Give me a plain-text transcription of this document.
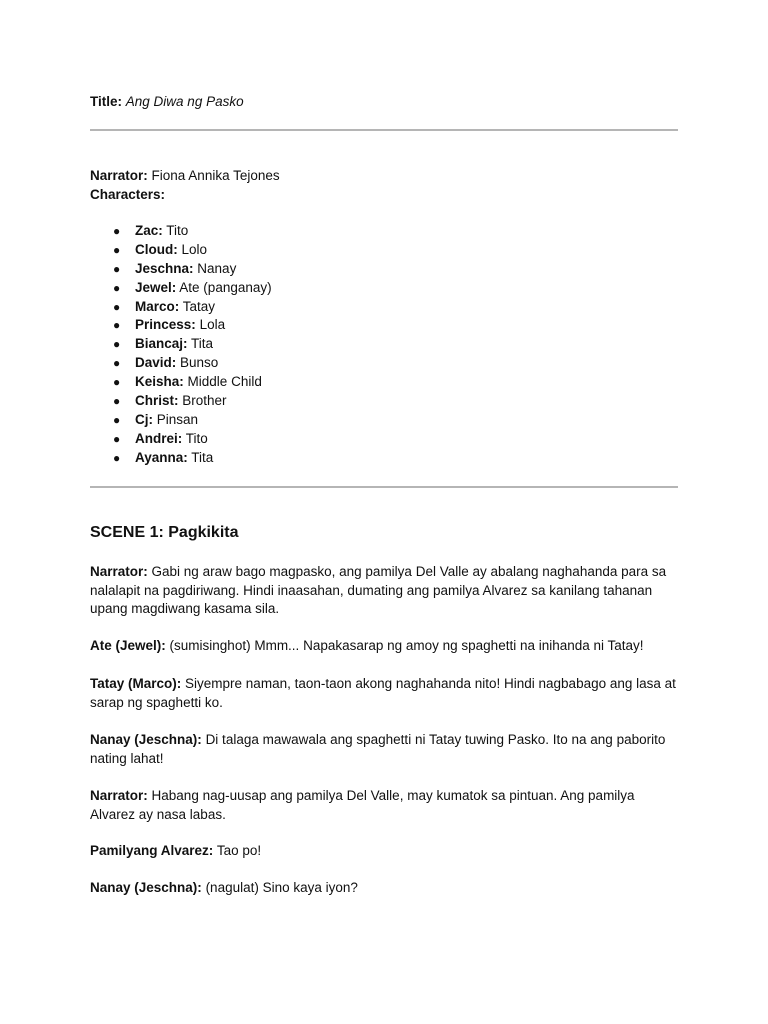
Title: Ang Diwa ng Pasko
Narrator: Fiona Annika Tejones
Characters:
● Zac: Tito
● Cloud: Lolo
● Jeschna: Nanay
● Jewel: Ate (panganay)
● Marco: Tatay
● Princess: Lola
● Biancaj: Tita
● David: Bunso
● Keisha: Middle Child
● Christ: Brother
● Cj: Pinsan
● Andrei: Tito
● Ayanna: Tita
SCENE 1: Pagkikita
Narrator: Gabi ng araw bago magpasko, ang pamilya Del Valle ay abalang naghahanda para sa nalalapit na pagdiriwang. Hindi inaasahan, dumating ang pamilya Alvarez sa kanilang tahanan upang magdiwang kasama sila.
Ate (Jewel): (sumisinghot) Mmm... Napakasarap ng amoy ng spaghetti na inihanda ni Tatay!
Tatay (Marco): Siyempre naman, taon-taon akong naghahanda nito! Hindi nagbabago ang lasa at sarap ng spaghetti ko.
Nanay (Jeschna): Di talaga mawawala ang spaghetti ni Tatay tuwing Pasko. Ito na ang paborito nating lahat!
Narrator: Habang nag-uusap ang pamilya Del Valle, may kumatok sa pintuan. Ang pamilya Alvarez ay nasa labas.
Pamilyang Alvarez: Tao po!
Nanay (Jeschna): (nagulat) Sino kaya iyon?
